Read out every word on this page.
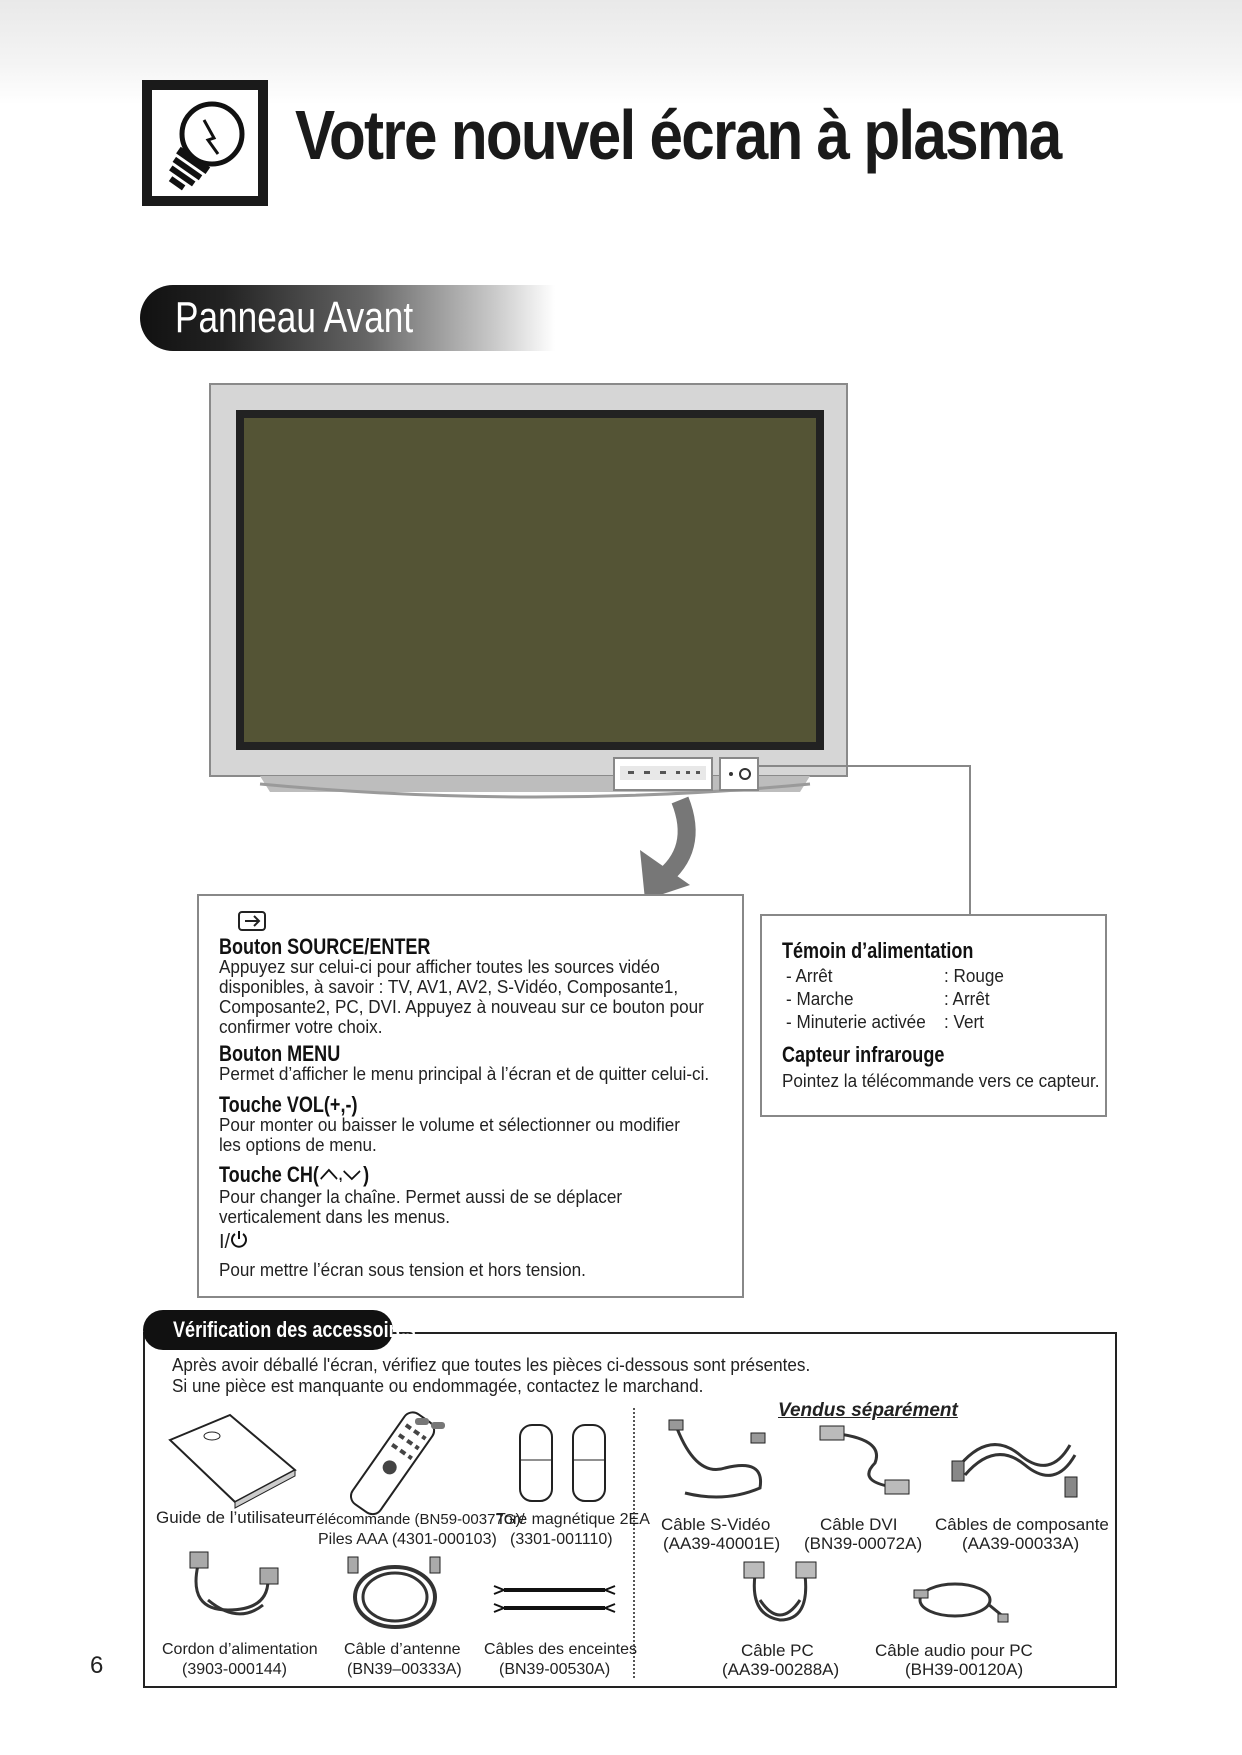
Votre nouvel écran à plasma
Panneau Avant
Bouton SOURCE/ENTER
Appuyez sur celui-ci pour afficher toutes les sources vidéo
disponibles, à savoir : TV, AV1, AV2, S-Vidéo, Composante1,
Composante2, PC, DVI. Appuyez à nouveau sur ce bouton pour
confirmer votre choix.
Bouton MENU
Permet d’afficher le menu principal à l’écran et de quitter celui-ci.
Touche VOL(+,-)
Pour monter ou baisser le volume et sélectionner ou modifier
les options de menu.
Touche CH( , )
Pour changer la chaîne. Permet aussi de se déplacer
verticalement dans les menus.
I/
Pour mettre l’écran sous tension et hors tension.
Témoin d’alimentation
- Arrêt	: Rouge
- Marche	: Arrêt
- Minuterie activée : Vert
Capteur infrarouge
Pointez la télécommande vers ce capteur.
Vérification des accessoires
Après avoir déballé l'écran, vérifiez que toutes les pièces ci-dessous sont présentes.
Si une pièce est manquante ou endommagée, contactez le marchand.
Vendus séparément
Guide de l’utilisateur
Télécommande (BN59-00377G)/
Piles AAA (4301-000103)
Tore magnétique 2EA
(3301-001110)
Câble S-Vidéo
(AA39-40001E)
Câble DVI
(BN39-00072A)
Câbles de composante
(AA39-00033A)
Cordon d’alimentation
(3903-000144)
Câble d’antenne
(BN39–00333A)
Câbles des enceintes
(BN39-00530A)
Câble PC
(AA39-00288A)
Câble audio pour PC
(BH39-00120A)
6
